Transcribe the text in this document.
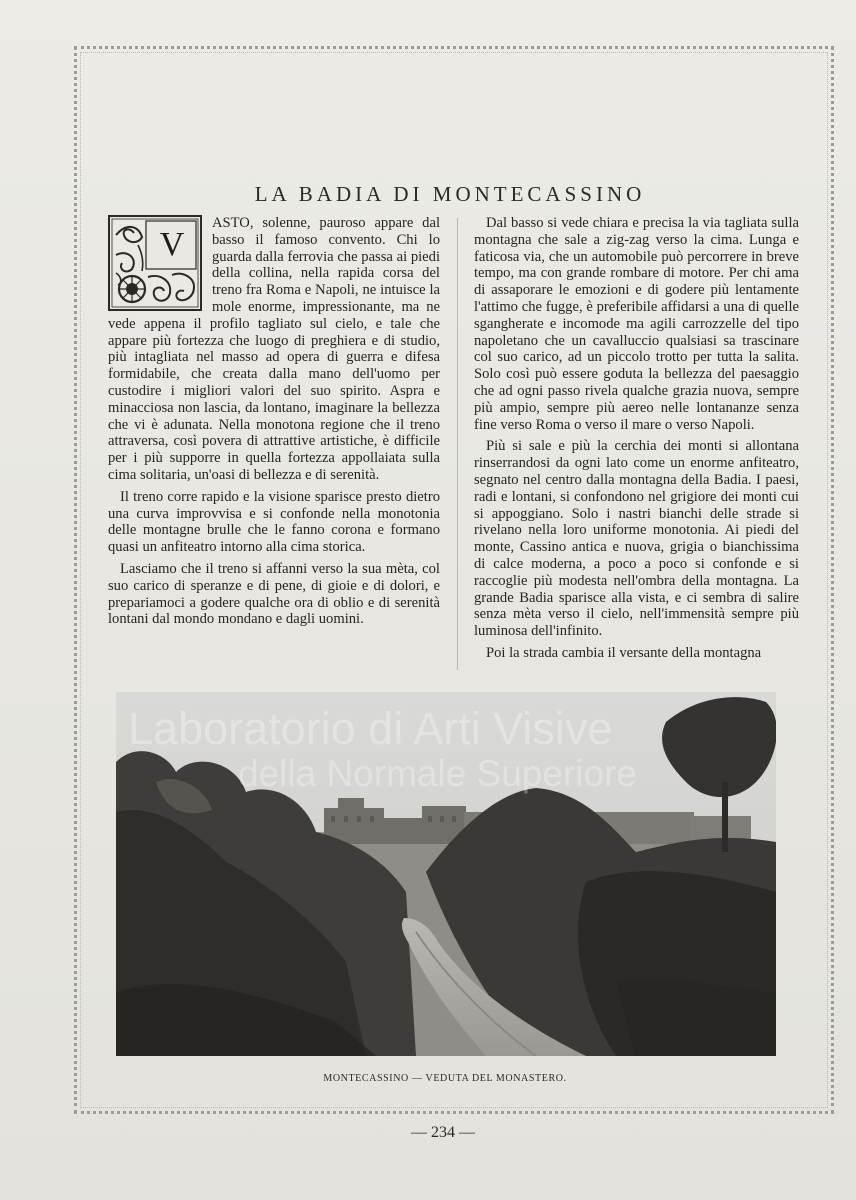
LA BADIA DI MONTECASSINO
V

ASTO, solenne, pauroso appare dal basso il famoso convento. Chi lo guarda dalla ferrovia che passa ai piedi della collina, nella rapida corsa del treno fra Roma e Napoli, ne intuisce la mole enorme, impressionante, ma ne vede appena il profilo tagliato sul cielo, e tale che appare più fortezza che luogo di preghiera e di studio, più intagliata nel masso ad opera di guerra e difesa formidabile, che creata dalla mano dell'uomo per custodire i migliori valori del suo spirito. Aspra e minacciosa non lascia, da lontano, imaginare la bellezza che vi è adunata. Nella monotona regione che il treno attraversa, così povera di attrattive artistiche, è difficile per i più supporre in quella fortezza appollaiata sulla cima solitaria, un'oasi di bellezza e di serenità.

Il treno corre rapido e la visione sparisce presto dietro una curva improvvisa e si confonde nella monotonia delle montagne brulle che le fanno corona e formano quasi un anfiteatro intorno alla cima storica.

Lasciamo che il treno si affanni verso la sua mèta, col suo carico di speranze e di pene, di gioie e di dolori, e prepariamoci a godere qualche ora di oblio e di serenità lontani dal mondo mondano e dagli uomini.

Dal basso si vede chiara e precisa la via tagliata sulla montagna che sale a zig-zag verso la cima. Lunga e faticosa via, che un automobile può percorrere in breve tempo, ma con grande rombare di motore. Per chi ama di assaporare le emozioni e di godere più lentamente l'attimo che fugge, è preferibile affidarsi a una di quelle sgangherate e incomode ma agili carrozzelle del tipo napoletano che un cavalluccio qualsiasi sa trascinare col suo carico, ad un piccolo trotto per tutta la salita. Solo così può essere goduta la bellezza del paesaggio che ad ogni passo rivela qualche grazia nuova, sempre più ampio, sempre più aereo nelle lontananze senza fine verso Roma o verso il mare o verso Napoli.

Più si sale e più la cerchia dei monti si allontana rinserrandosi da ogni lato come un enorme anfiteatro, segnato nel centro dalla montagna della Badia. I paesi, radi e lontani, si confondono nel grigiore dei monti cui si appoggiano. Solo i nastri bianchi delle strade si rivelano nella loro uniforme monotonia. Ai piedi del monte, Cassino antica e nuova, grigia o bianchissima di calce moderna, a poco a poco si confonde e si raccoglie più modesta nell'ombra della montagna. La grande Badia sparisce alla vista, e ci sembra di salire senza mèta verso il cielo, nell'immensità sempre più luminosa dell'infinito.

Poi la strada cambia il versante della montagna

Laboratorio di Arti Visive
della Normale Superiore
MONTECASSINO — VEDUTA DEL MONASTERO.
— 234 —
